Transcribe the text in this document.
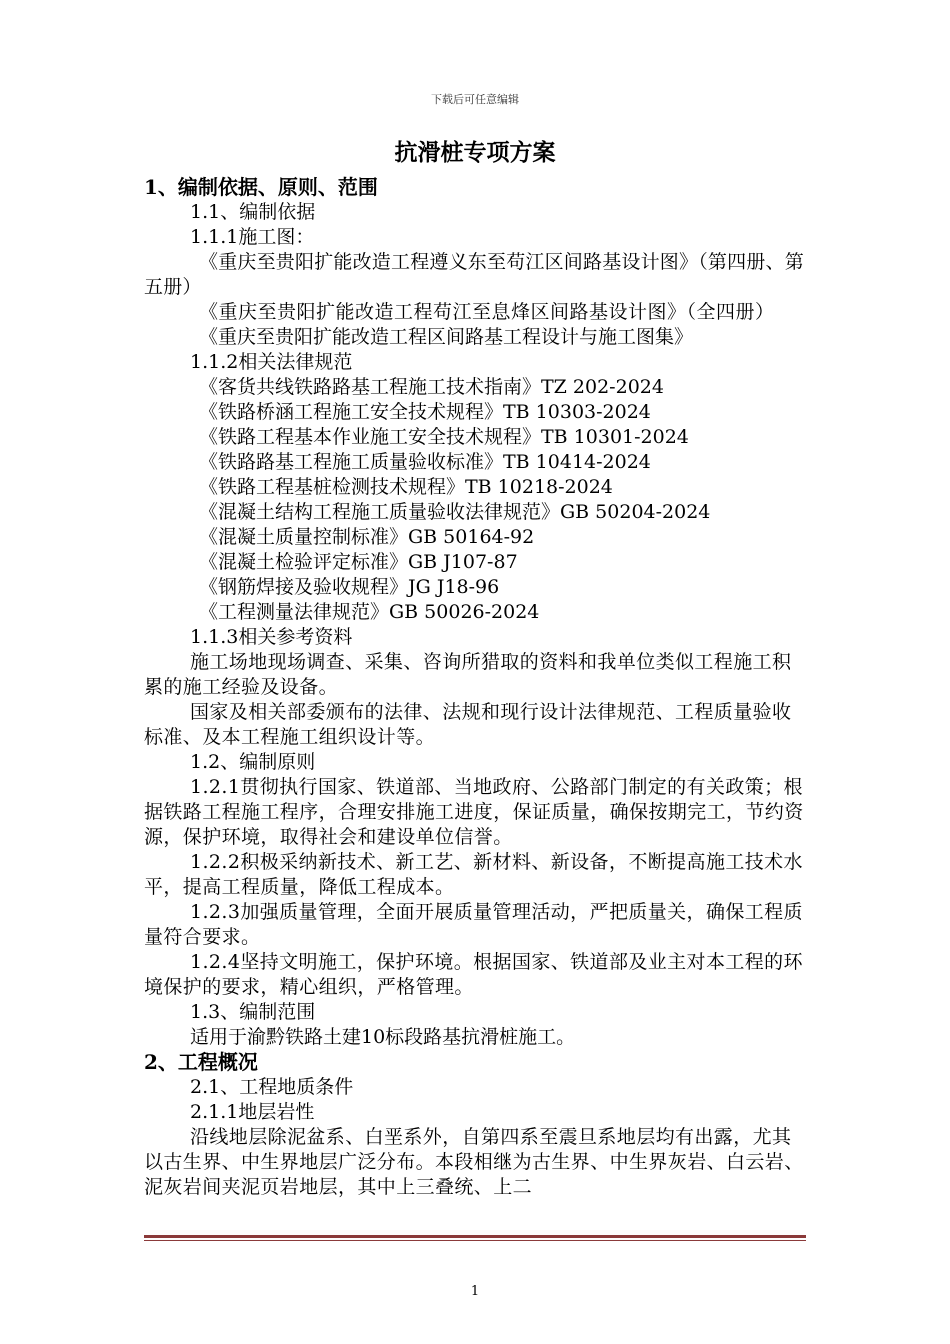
下载后可任意编辑
抗滑桩专项方案

1、编制依据、原则、范围

1.1、编制依据

1.1.1施工图：

《重庆至贵阳扩能改造工程遵义东至苟江区间路基设计图》（第四册、第五册）

《重庆至贵阳扩能改造工程苟江至息烽区间路基设计图》（全四册）

《重庆至贵阳扩能改造工程区间路基工程设计与施工图集》

1.1.2相关法律规范

《客货共线铁路路基工程施工技术指南》TZ 202-2024

《铁路桥涵工程施工安全技术规程》TB 10303-2024

《铁路工程基本作业施工安全技术规程》TB 10301-2024

《铁路路基工程施工质量验收标准》TB 10414-2024

《铁路工程基桩检测技术规程》TB 10218-2024

《混凝土结构工程施工质量验收法律规范》GB 50204-2024

《混凝土质量控制标准》GB 50164-92

《混凝土检验评定标准》GB J107-87

《钢筋焊接及验收规程》JG J18-96

《工程测量法律规范》GB 50026-2024

1.1.3相关参考资料

施工场地现场调查、采集、咨询所猎取的资料和我单位类似工程施工积累的施工经验及设备。

国家及相关部委颁布的法律、法规和现行设计法律规范、工程质量验收标准、及本工程施工组织设计等。

1.2、编制原则

1.2.1贯彻执行国家、铁道部、当地政府、公路部门制定的有关政策；根据铁路工程施工程序，合理安排施工进度，保证质量，确保按期完工，节约资源，保护环境，取得社会和建设单位信誉。

1.2.2积极采纳新技术、新工艺、新材料、新设备，不断提高施工技术水平，提高工程质量，降低工程成本。

1.2.3加强质量管理，全面开展质量管理活动，严把质量关，确保工程质量符合要求。

1.2.4坚持文明施工，保护环境。根据国家、铁道部及业主对本工程的环境保护的要求，精心组织，严格管理。

1.3、编制范围

适用于渝黔铁路土建10标段路基抗滑桩施工。

2、工程概况

2.1、工程地质条件

2.1.1地层岩性

沿线地层除泥盆系、白垩系外，自第四系至震旦系地层均有出露，尤其以古生界、中生界地层广泛分布。本段相继为古生界、中生界灰岩、白云岩、泥灰岩间夹泥页岩地层，其中上三叠统、上二

1
